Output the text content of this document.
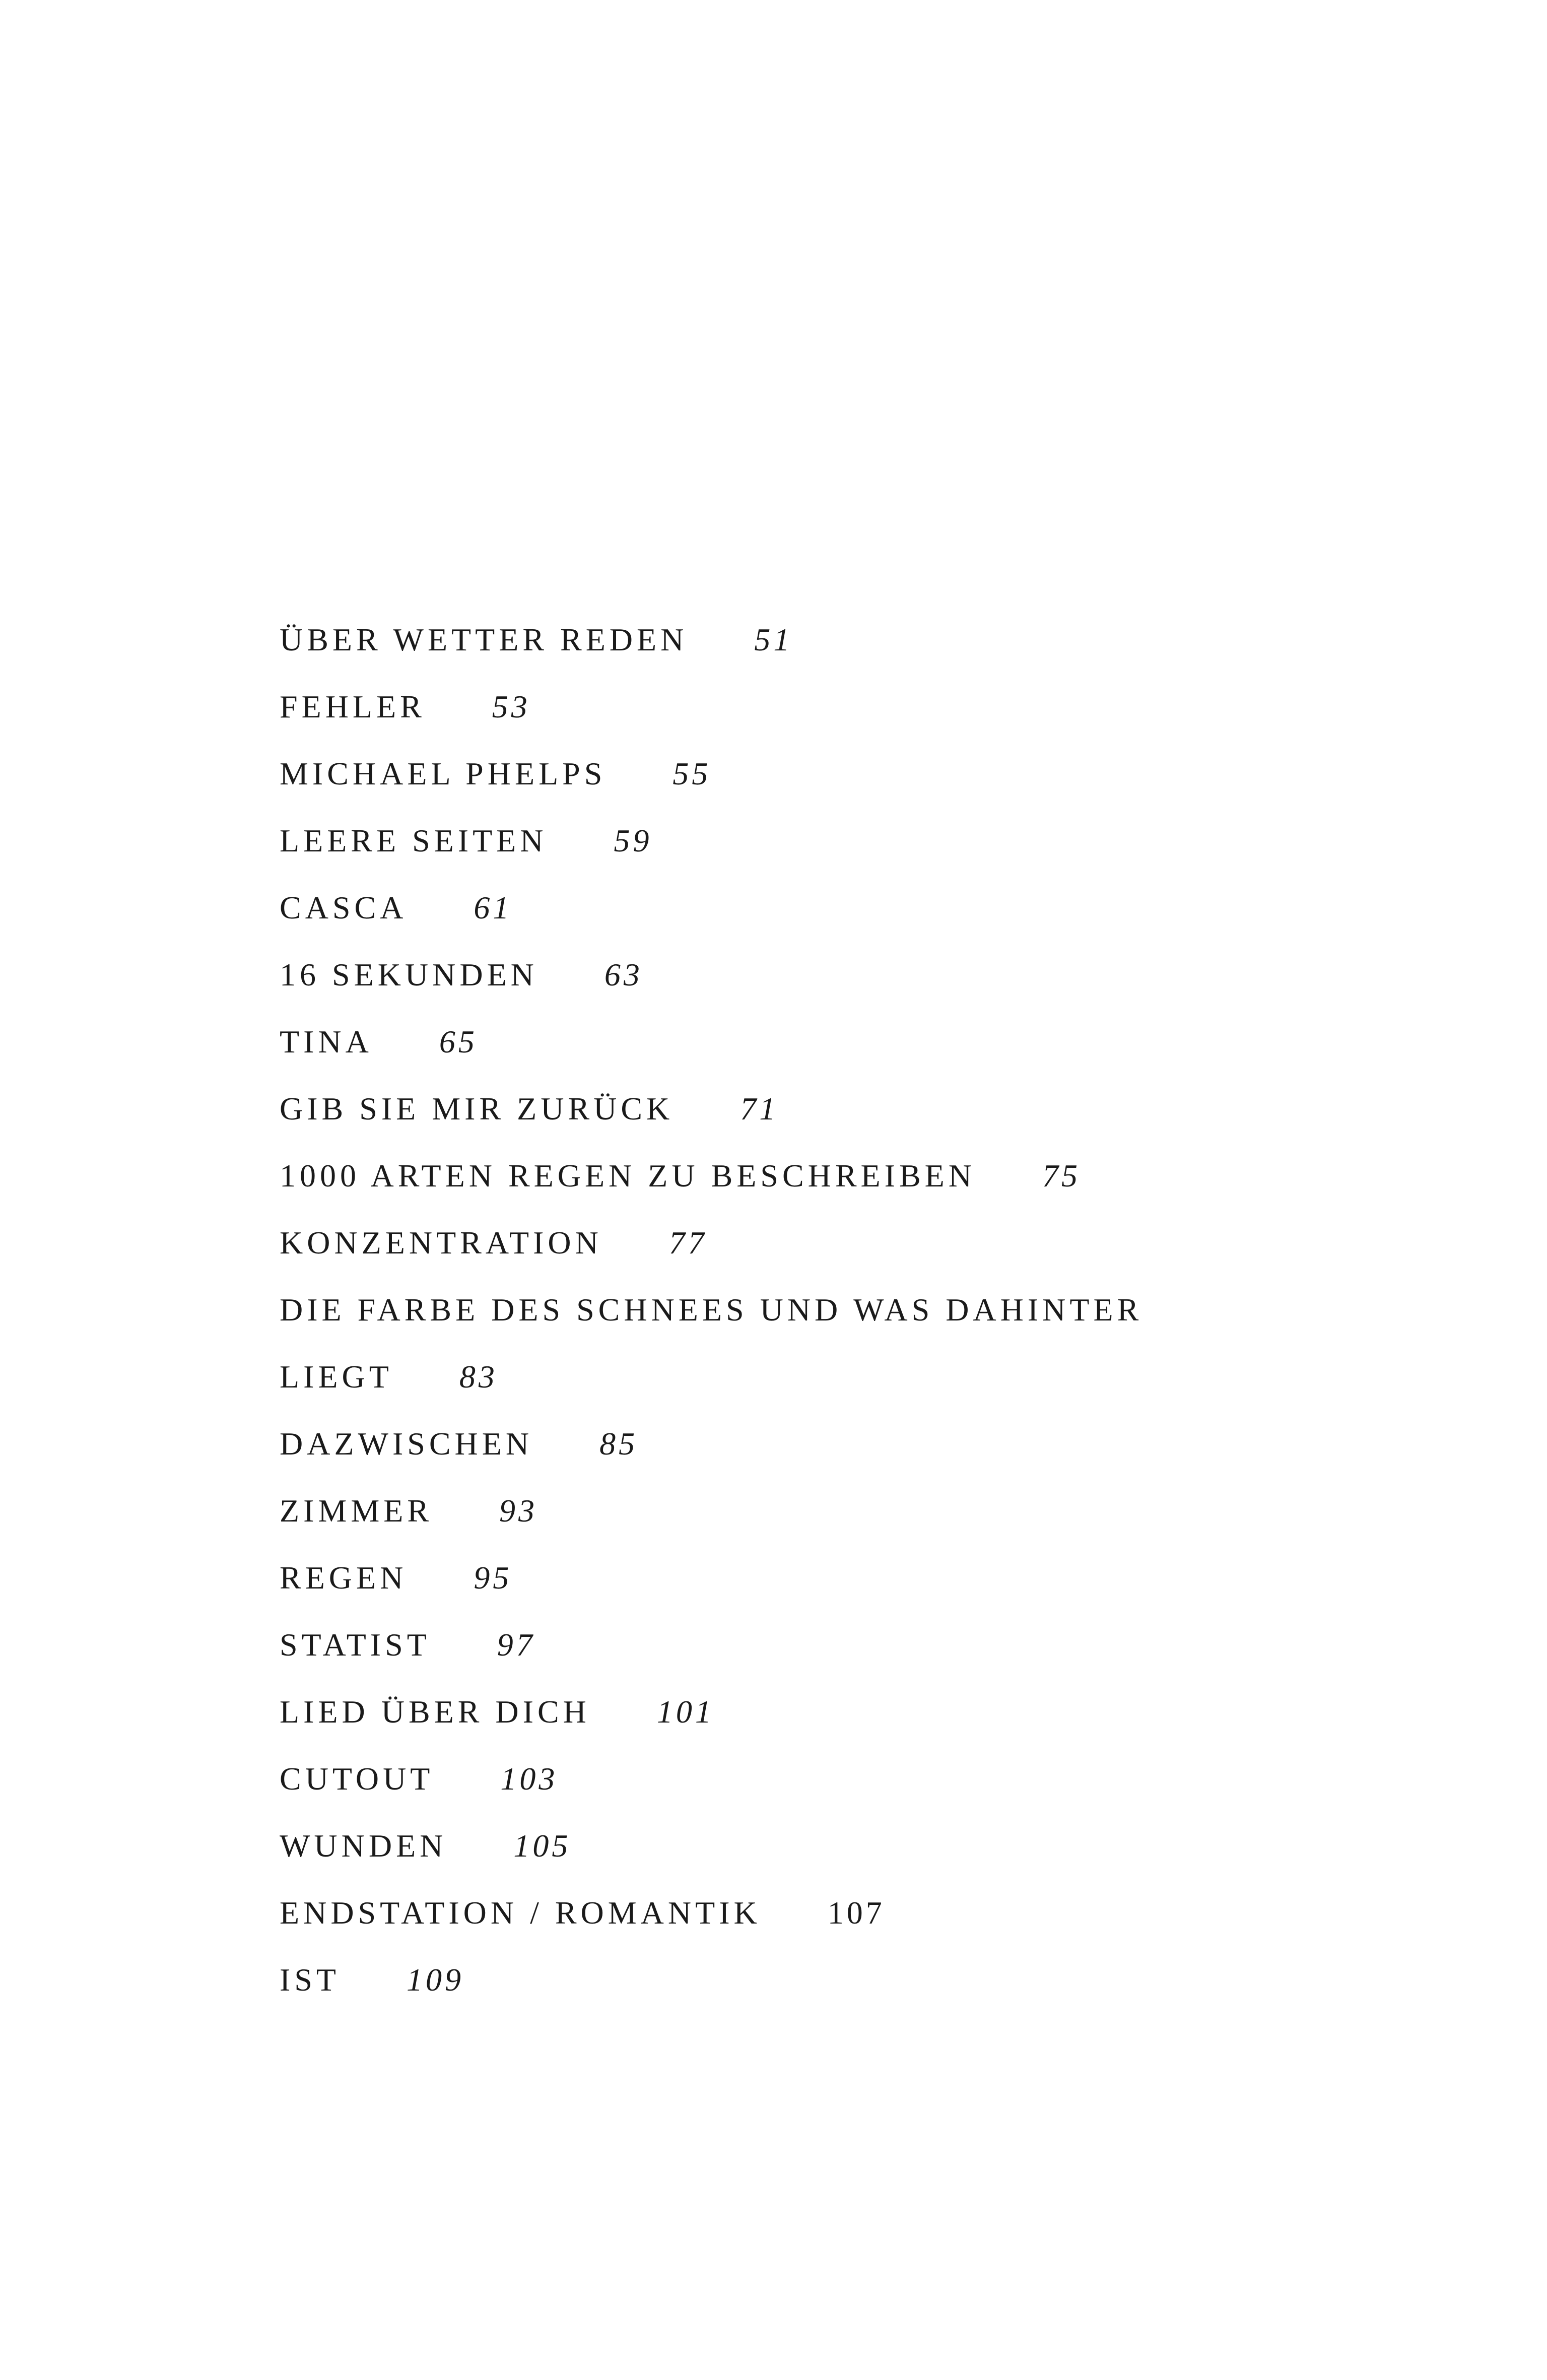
ÜBER WETTER REDEN 51
FEHLER 53
MICHAEL PHELPS 55
LEERE SEITEN 59
CASCA 61
16 SEKUNDEN 63
TINA 65
GIB SIE MIR ZURÜCK 71
1000 ARTEN REGEN ZU BESCHREIBEN 75
KONZENTRATION 77
DIE FARBE DES SCHNEES UND WAS DAHINTER
LIEGT 83
DAZWISCHEN 85
ZIMMER 93
REGEN 95
STATIST 97
LIED ÜBER DICH 101
CUTOUT 103
WUNDEN 105
ENDSTATION / ROMANTIK 107
IST 109
